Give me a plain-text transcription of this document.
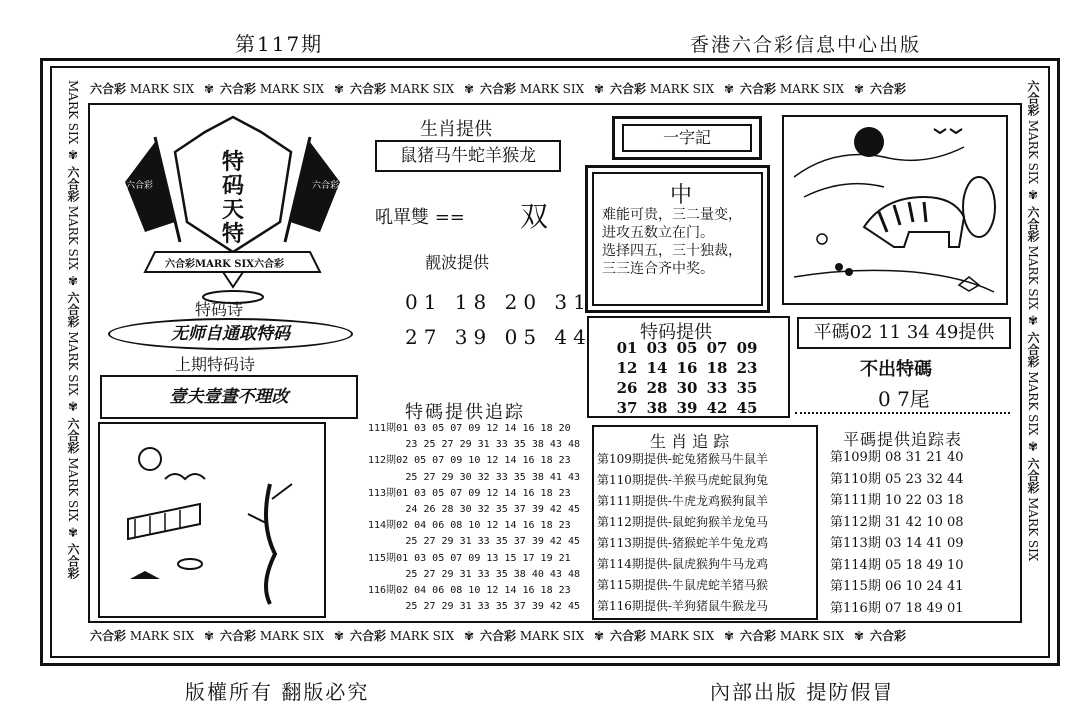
第117期	香港六合彩信息中心出版
六合彩 MARK SIX ✾ 六合彩 MARK SIX ✾ 六合彩 MARK SIX ✾ 六合彩 MARK SIX ✾ 六合彩 MARK SIX ✾ 六合彩 MARK SIX ✾ 六合彩
六合彩 MARK SIX ✾ 六合彩 MARK SIX ✾ 六合彩 MARK SIX ✾ 六合彩 MARK SIX ✾ 六合彩 MARK SIX ✾ 六合彩 MARK SIX ✾ 六合彩
MARK SIX ✾ 六合彩 MARK SIX ✾ 六合彩 MARK SIX ✾ 六合彩 MARK SIX ✾ 六合彩
六合彩 MARK SIX ✾ 六合彩 MARK SIX ✾ 六合彩 MARK SIX ✾ 六合彩 MARK SIX
特码天特
六合彩	六合彩
六合彩MARK SIX六合彩
特码诗
无师自通取特码
上期特码诗
壹夫壹晝不理改
生肖提供
鼠猪马牛蛇羊猴龙
吼單雙 == 双
靓波提供
01 18 20 31
27 39 05 44
特碼提供追踪
111期01 03 05 07 09 12 14 16 18 20
23 25 27 29 31 33 35 38 43 48
112期02 05 07 09 10 12 14 16 18 23
25 27 29 30 32 33 35 38 41 43
113期01 03 05 07 09 12 14 16 18 23
24 26 28 30 32 35 37 39 42 45
114期02 04 06 08 10 12 14 16 18 23
25 27 29 31 33 35 37 39 42 45
115期01 03 05 07 09 13 15 17 19 21
25 27 29 31 33 35 38 40 43 48
116期02 04 06 08 10 12 14 16 18 23
25 27 29 31 33 35 37 39 42 45
一字記
中
难能可贵，三二量变，
进攻五数立在门。
选择四五，三十独裁，
三三连合齐中奖。
特码提供
01 03 05 07 09
12 14 16 18 23
26 28 30 33 35
37 38 39 42 45
平碼02 11 34 49提供
不出特碼
0 7尾
生 肖 追 踪
第109期提供-蛇兔猪猴马牛鼠羊
第110期提供-羊猴马虎蛇鼠狗兔
第111期提供-牛虎龙鸡猴狗鼠羊
第112期提供-鼠蛇狗猴羊龙兔马
第113期提供-猪猴蛇羊牛兔龙鸡
第114期提供-鼠虎猴狗牛马龙鸡
第115期提供-牛鼠虎蛇羊猪马猴
第116期提供-羊狗猪鼠牛猴龙马
平碼提供追踪表
第109期 08 31 21 40
第110期 05 23 32 44
第111期 10 22 03 18
第112期 31 42 10 08
第113期 03 14 41 09
第114期 05 18 49 10
第115期 06 10 24 41
第116期 07 18 49 01
版權所有 翻版必究	內部出版 提防假冒
